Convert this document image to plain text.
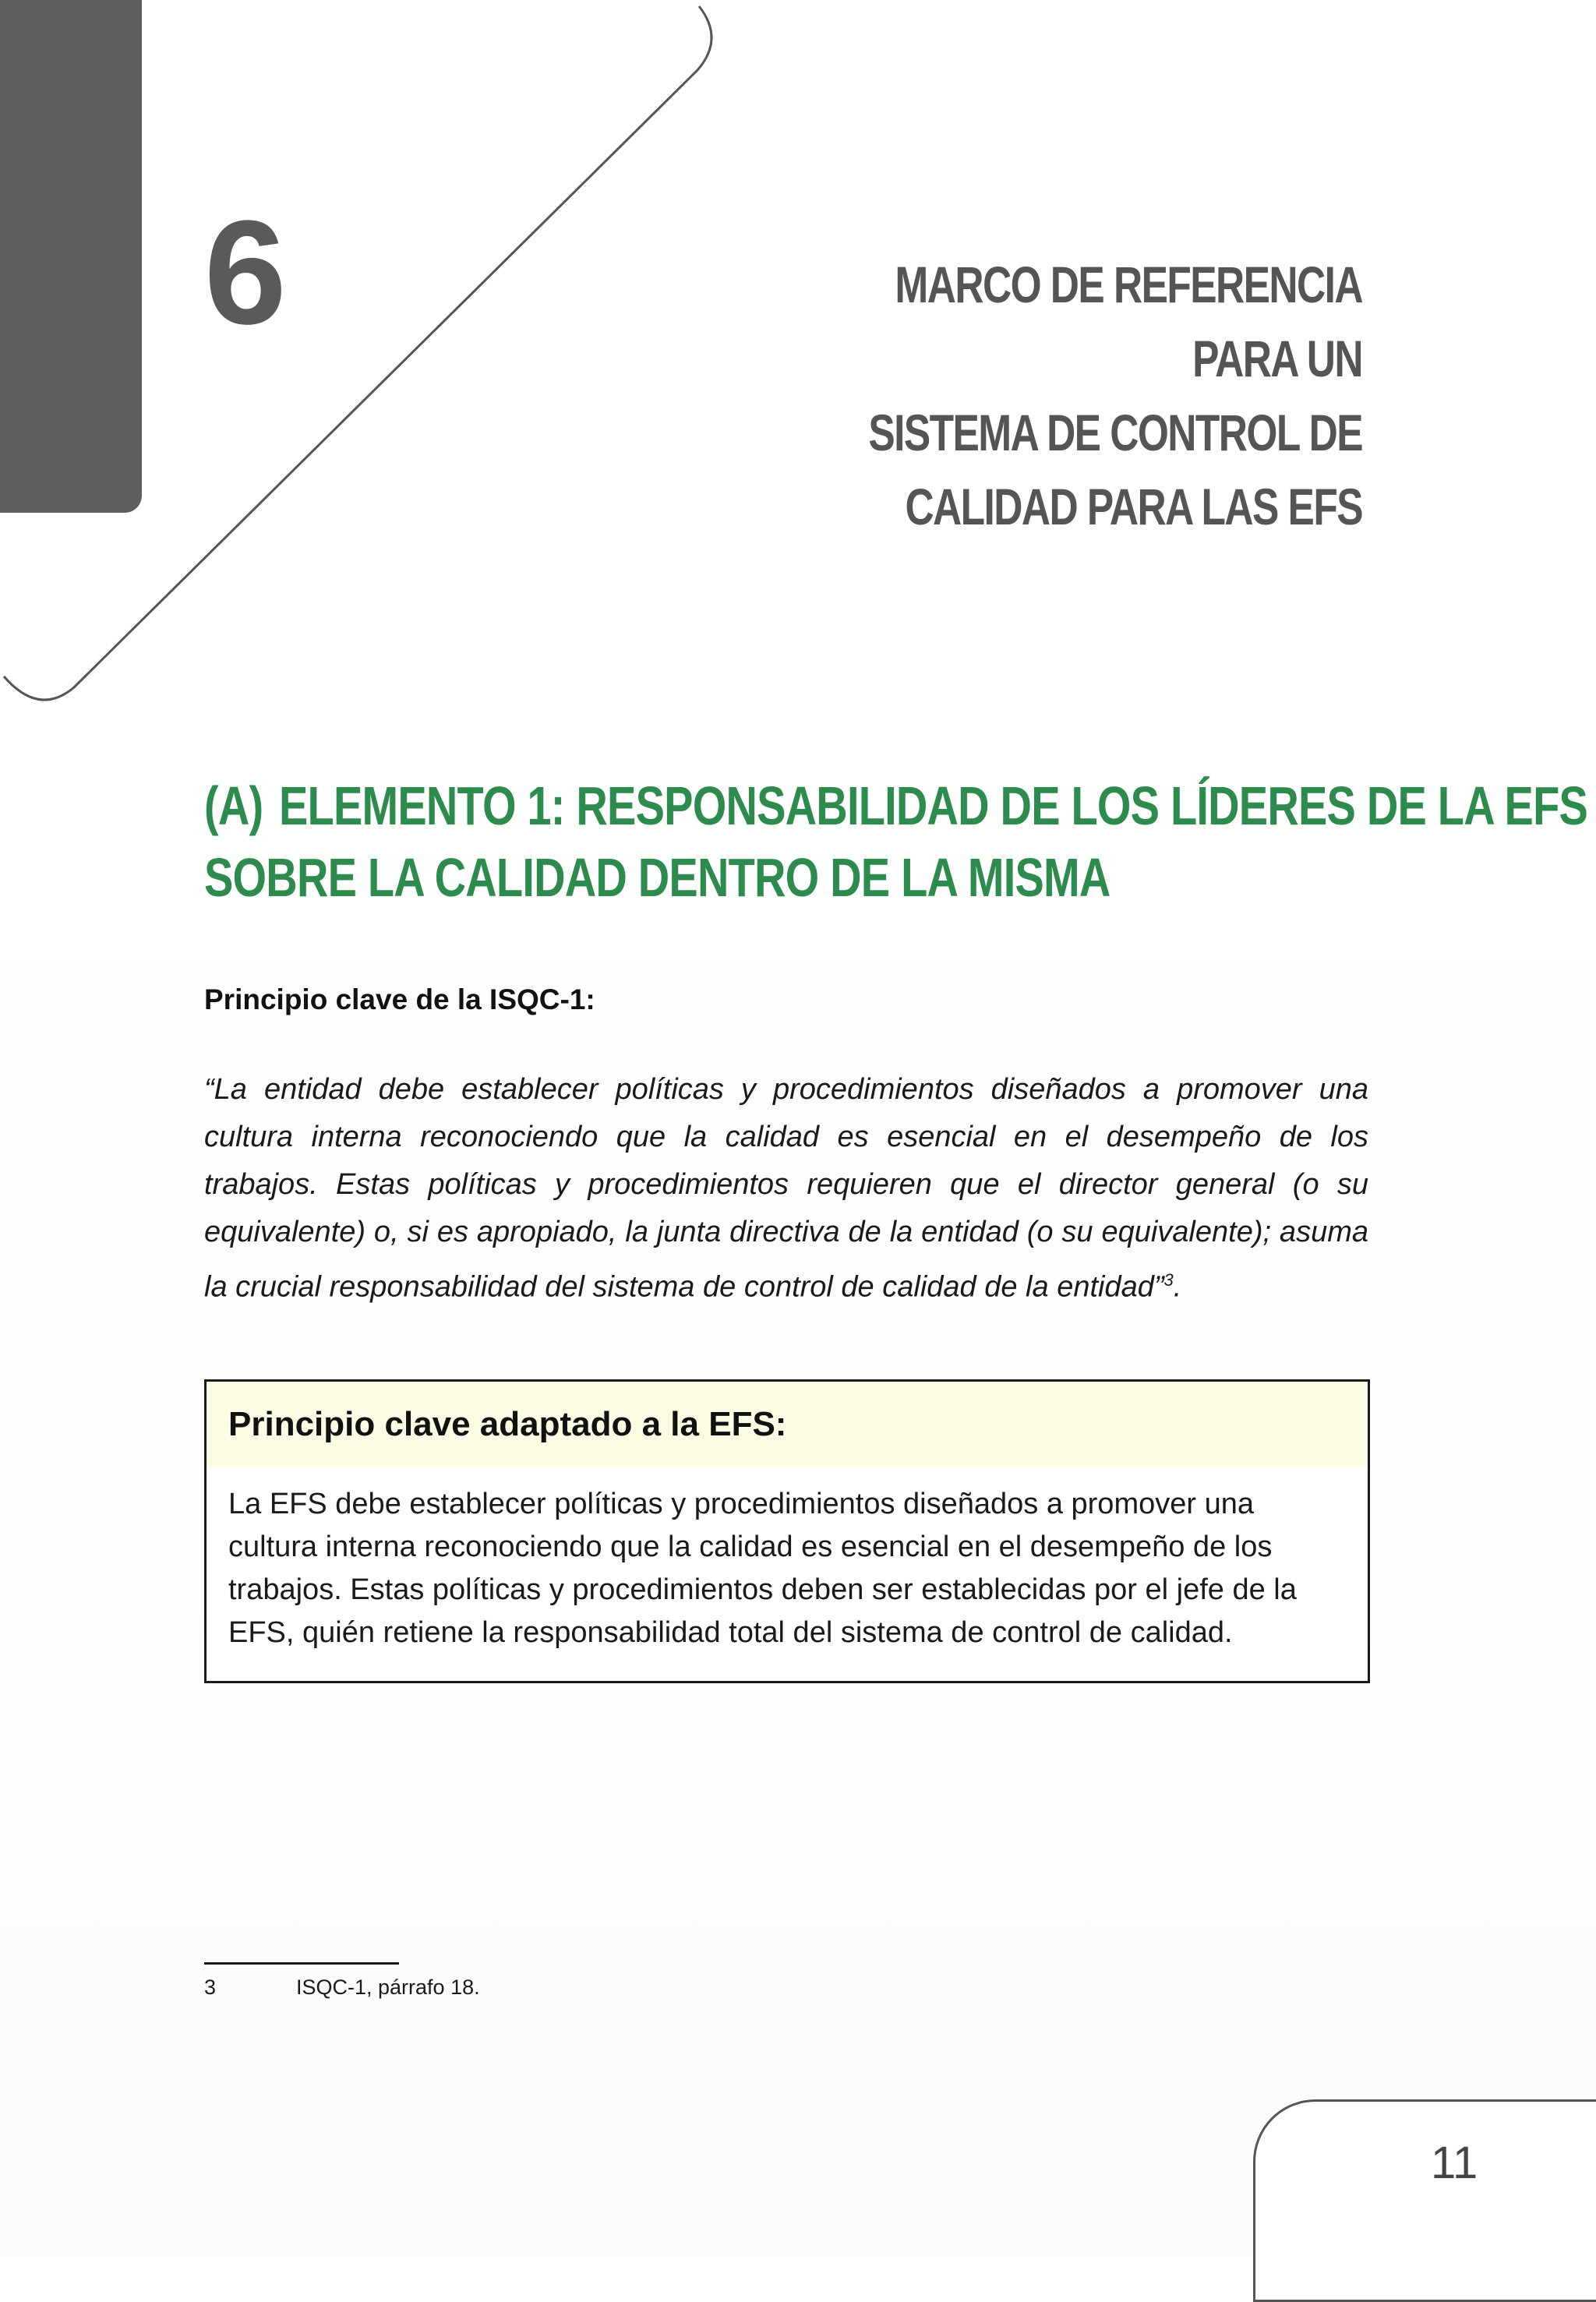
6	MARCO DE REFERENCIA PARA UN
SISTEMA DE CONTROL DE
CALIDAD PARA LAS EFS
(A) ELEMENTO 1: RESPONSABILIDAD DE LOS LÍDERES DE LA EFS
SOBRE LA CALIDAD DENTRO DE LA MISMA
Principio clave de la ISQC-1:
“La entidad debe establecer políticas y procedimientos diseñados a promover una cultura interna reconociendo que la calidad es esencial en el desempeño de los trabajos. Estas políticas y procedimientos requieren que el director general (o su equivalente) o, si es apropiado, la junta directiva de la entidad (o su equivalente); asuma la crucial responsabilidad del sistema de control de calidad de la entidad”$^3$.
Principio clave adaptado a la EFS:
La EFS debe establecer políticas y procedimientos diseñados a promover una cultura interna reconociendo que la calidad es esencial en el desempeño de los trabajos. Estas políticas y procedimientos deben ser establecidas por el jefe de la EFS, quién retiene la responsabilidad total del sistema de control de calidad.
3	ISQC-1, párrafo 18.
11
